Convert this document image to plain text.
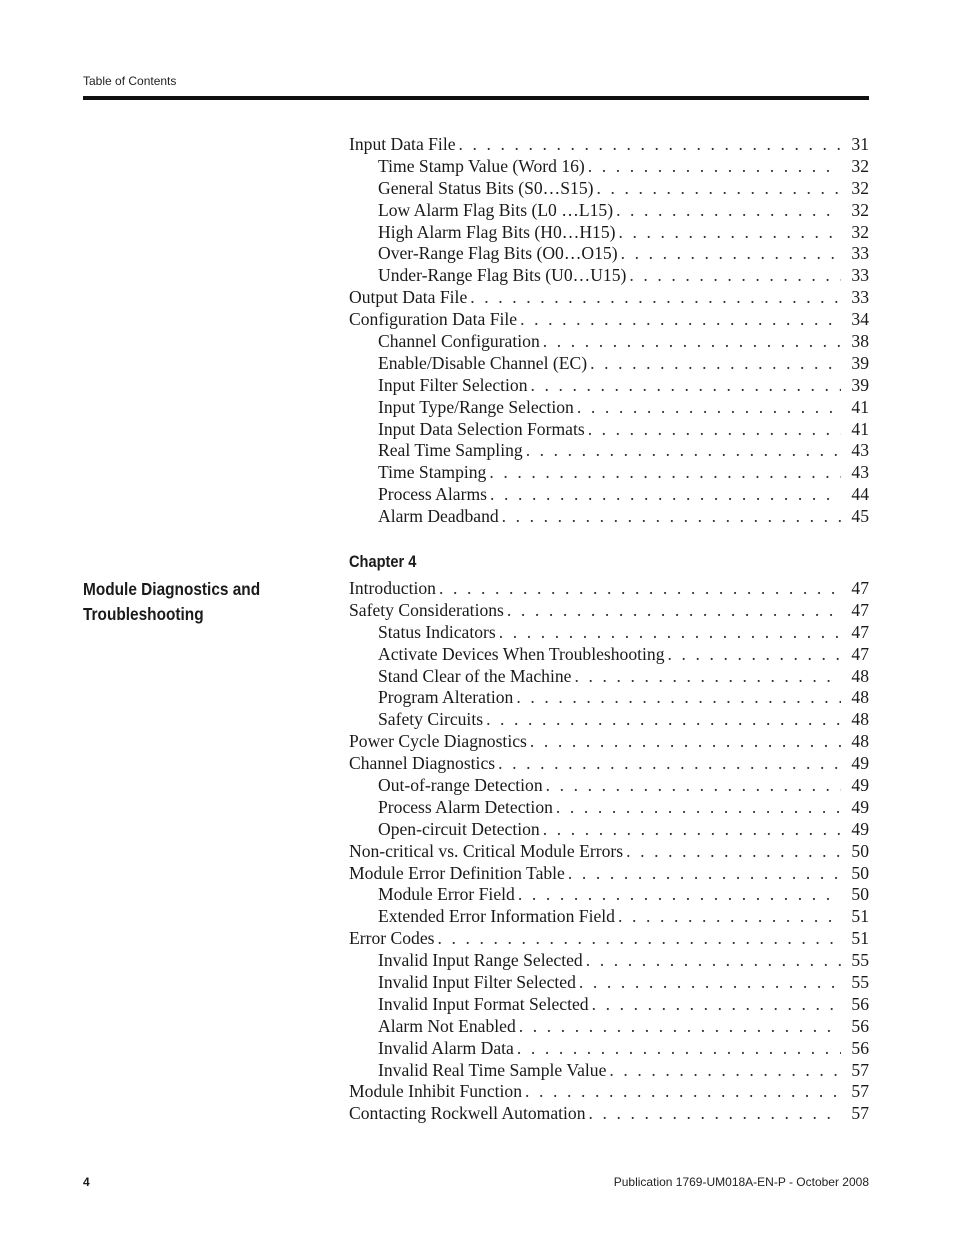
Table of Contents
Input Data File . . .	31
Time Stamp Value (Word 16) . . .	32
General Status Bits (S0…S15) . . .	32
Low Alarm Flag Bits (L0 …L15) . . .	32
High Alarm Flag Bits (H0…H15) . . .	32
Over-Range Flag Bits (O0…O15) . . .	33
Under-Range Flag Bits (U0…U15) . . .	33
Output Data File . . .	33
Configuration Data File . . .	34
Channel Configuration . . .	38
Enable/Disable Channel (EC) . . .	39
Input Filter Selection . . .	39
Input Type/Range Selection . . .	41
Input Data Selection Formats . . .	41
Real Time Sampling . . .	43
Time Stamping . . .	43
Process Alarms . . .	44
Alarm Deadband . . .	45
Chapter 4
Module Diagnostics and
Troubleshooting
Introduction . . .	47
Safety Considerations . . .	47
Status Indicators . . .	47
Activate Devices When Troubleshooting . . .	47
Stand Clear of the Machine . . .	48
Program Alteration . . .	48
Safety Circuits . . .	48
Power Cycle Diagnostics . . .	48
Channel Diagnostics . . .	49
Out-of-range Detection . . .	49
Process Alarm Detection . . .	49
Open-circuit Detection . . .	49
Non-critical vs. Critical Module Errors . . .	50
Module Error Definition Table . . .	50
Module Error Field . . .	50
Extended Error Information Field . . .	51
Error Codes . . .	51
Invalid Input Range Selected . . .	55
Invalid Input Filter Selected . . .	55
Invalid Input Format Selected . . .	56
Alarm Not Enabled . . .	56
Invalid Alarm Data . . .	56
Invalid Real Time Sample Value . . .	57
Module Inhibit Function . . .	57
Contacting Rockwell Automation . . .	57
4	Publication 1769-UM018A-EN-P - October 2008
